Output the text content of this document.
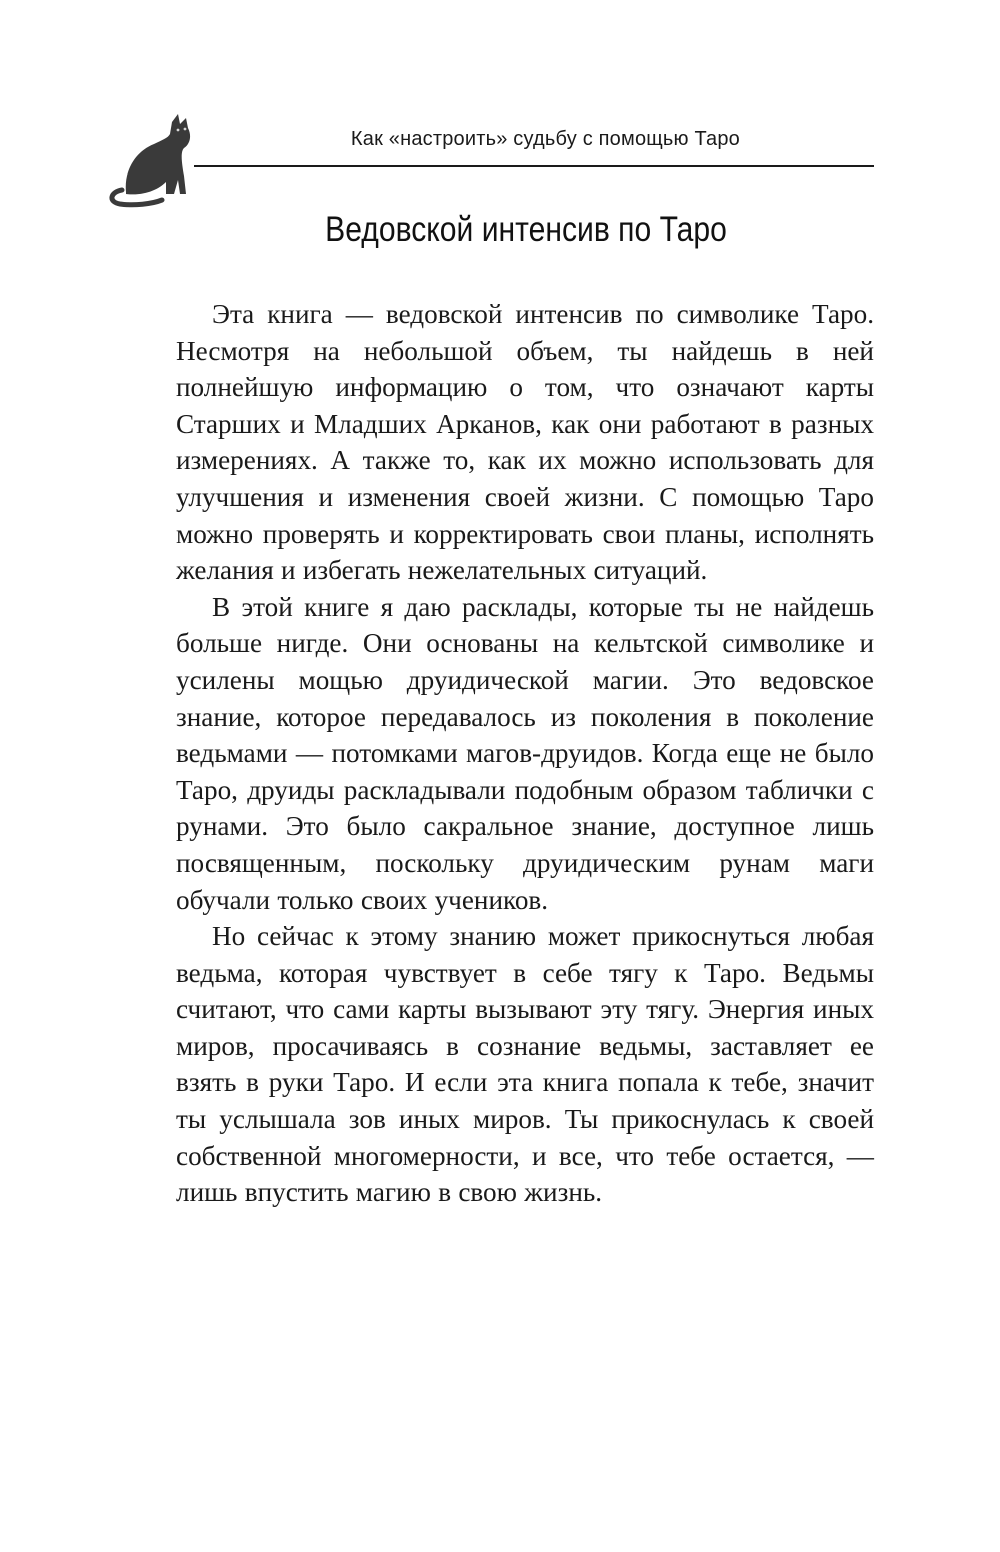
Как «настроить» судьбу с помощью Таро
Ведовской интенсив по Таро

Эта книга — ведовской интенсив по символике Таро. Несмотря на небольшой объем, ты найдешь в ней полнейшую информацию о том, что означают карты Старших и Младших Арканов, как они работают в разных измерениях. А также то, как их можно использовать для улучшения и изменения своей жизни. С помощью Таро можно проверять и корректировать свои планы, исполнять желания и избегать нежелательных ситуаций.

В этой книге я даю расклады, которые ты не найдешь больше нигде. Они основаны на кельтской символике и усилены мощью друидической магии. Это ведовское знание, которое передавалось из поколения в поколение ведьмами — потомками магов-друидов. Когда еще не было Таро, друиды раскладывали подобным образом таблички с рунами. Это было сакральное знание, доступное лишь посвященным, поскольку друидическим рунам маги обучали только своих учеников.

Но сейчас к этому знанию может прикоснуться любая ведьма, которая чувствует в себе тягу к Таро. Ведьмы считают, что сами карты вызывают эту тягу. Энергия иных миров, просачиваясь в сознание ведьмы, заставляет ее взять в руки Таро. И если эта книга попала к тебе, значит ты услышала зов иных миров. Ты прикоснулась к своей собственной многомерности, и все, что тебе остается, — лишь впустить магию в свою жизнь.
